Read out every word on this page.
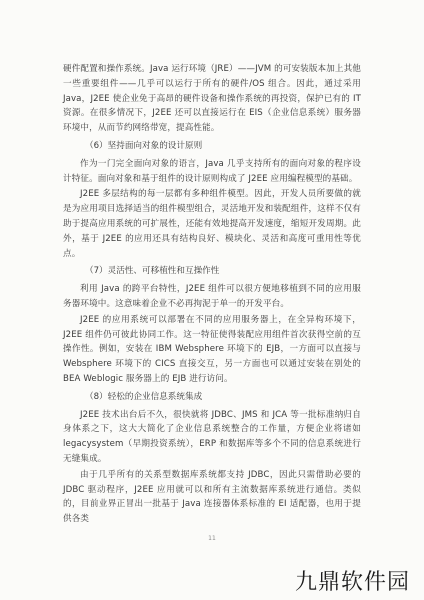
硬件配置和操作系统。Java 运行环境（JRE）——JVM 的可安装版本加上其他一些重要组件——几乎可以运行于所有的硬件/OS 组合。因此，通过采用 Java，J2EE 使企业免于高昂的硬件设备和操作系统的再投资，保护已有的 IT 资源。在很多情况下，J2EE 还可以直接运行在 EIS（企业信息系统）服务器环境中，从而节约网络带宽，提高性能。

（6）坚持面向对象的设计原则

作为一门完全面向对象的语言，Java 几乎支持所有的面向对象的程序设计特征。面向对象和基于组件的设计原则构成了 J2EE 应用编程模型的基础。

J2EE 多层结构的每一层都有多种组件模型。因此，开发人员所要做的就是为应用项目选择适当的组件模型组合，灵活地开发和装配组件，这样不仅有助于提高应用系统的可扩展性，还能有效地提高开发速度，缩短开发周期。此外，基于 J2EE 的应用还具有结构良好、模块化、灵活和高度可重用性等优点。

（7）灵活性、可移植性和互操作性

利用 Java 的跨平台特性，J2EE 组件可以很方便地移植到不同的应用服务器环境中。这意味着企业不必再拘泥于单一的开发平台。

J2EE 的应用系统可以部署在不同的应用服务器上，在全异构环境下，J2EE 组件仍可彼此协同工作。这一特征使得装配应用组件首次获得空前的互操作性。例如，安装在 IBM Websphere 环境下的 EJB，一方面可以直接与 Websphere 环境下的 CICS 直接交互，另一方面也可以通过安装在别处的 BEA Weblogic 服务器上的 EJB 进行访问。

（8）轻松的企业信息系统集成

J2EE 技术出台后不久，很快就将 JDBC、JMS 和 JCA 等一批标准纳归自身体系之下，这大大简化了企业信息系统整合的工作量，方便企业将诸如 legacysystem（早期投资系统），ERP 和数据库等多个不同的信息系统进行无缝集成。

由于几乎所有的关系型数据库系统都支持 JDBC，因此只需借助必要的 JDBC 驱动程序，J2EE 应用就可以和所有主流数据库系统进行通信。类似的，目前业界正冒出一批基于 Java 连接器体系标准的 EI 适配器，也用于提供各类

11
九鼎软件园
